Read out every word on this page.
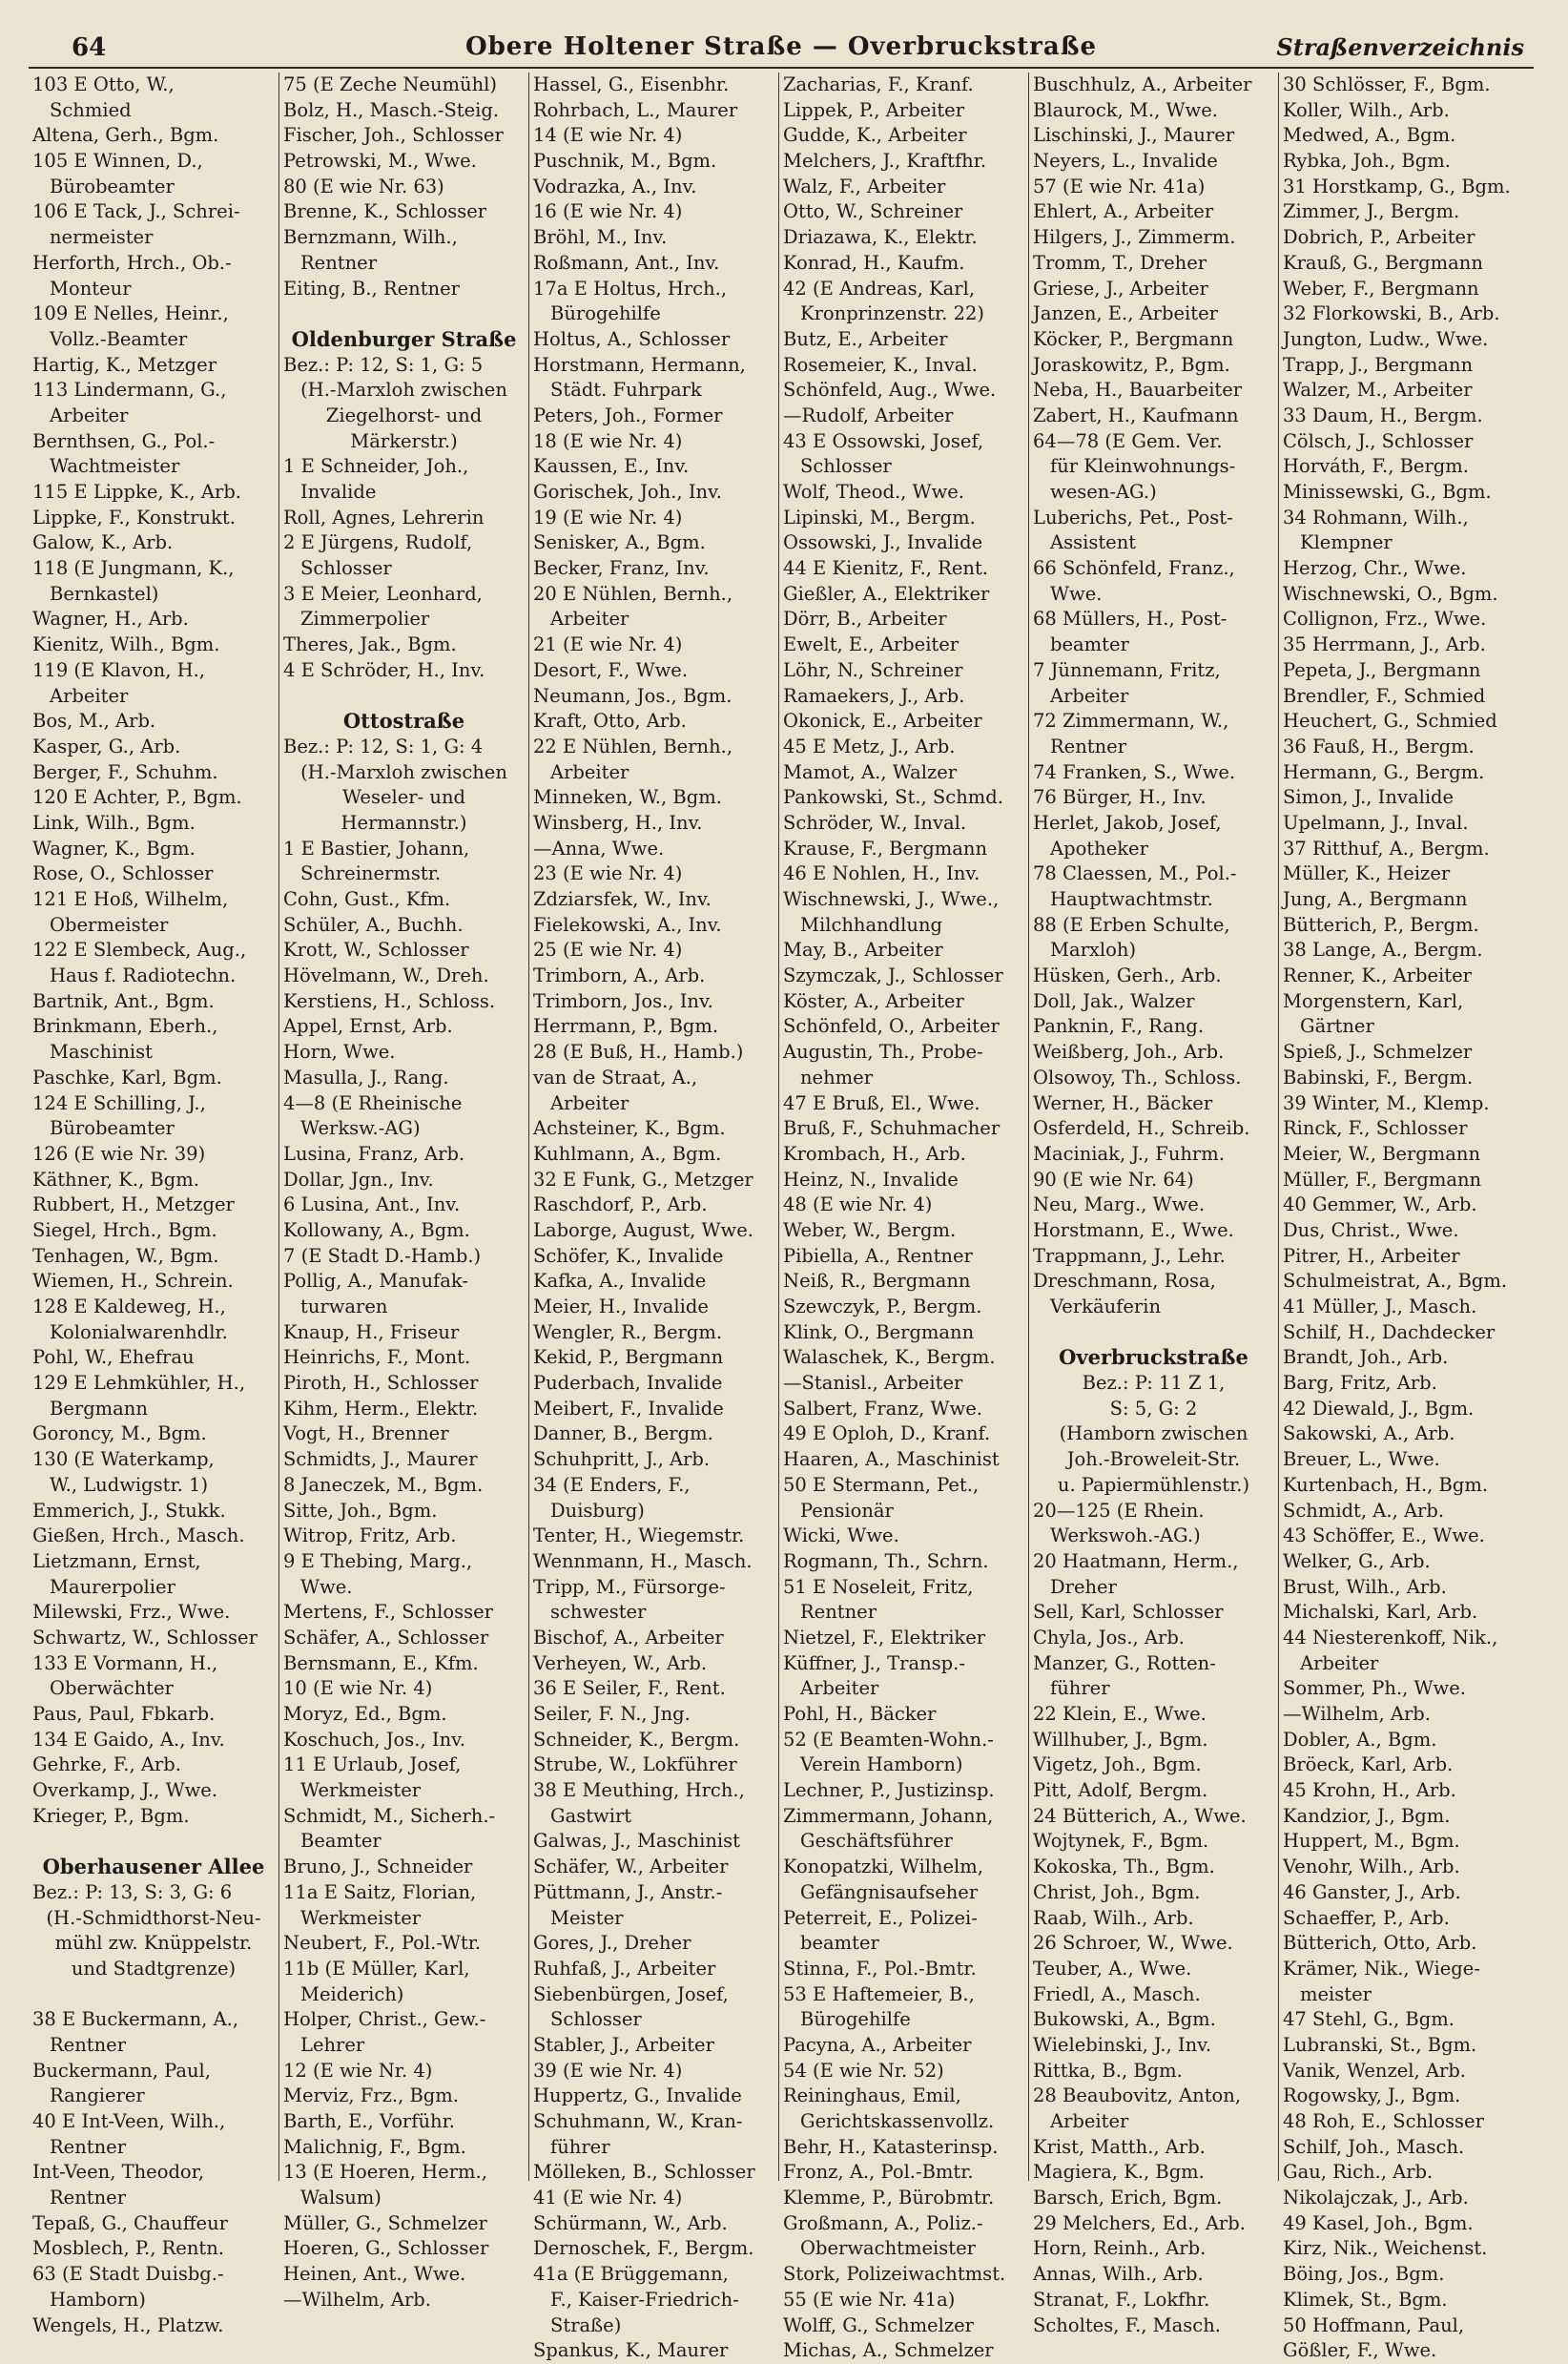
64	Obere Holtener Straße — Overbruckstraße	Straßenverzeichnis
103 E Otto, W.,
Schmied
Altena, Gerh., Bgm.
105 E Winnen, D.,
Bürobeamter
106 E Tack, J., Schrei-
nermeister
Herforth, Hrch., Ob.-
Monteur
109 E Nelles, Heinr.,
Vollz.-Beamter
Hartig, K., Metzger
113 Lindermann, G.,
Arbeiter
Bernthsen, G., Pol.-
Wachtmeister
115 E Lippke, K., Arb.
Lippke, F., Konstrukt.
Galow, K., Arb.
118 (E Jungmann, K.,
Bernkastel)
Wagner, H., Arb.
Kienitz, Wilh., Bgm.
119 (E Klavon, H.,
Arbeiter
Bos, M., Arb.
Kasper, G., Arb.
Berger, F., Schuhm.
120 E Achter, P., Bgm.
Link, Wilh., Bgm.
Wagner, K., Bgm.
Rose, O., Schlosser
121 E Hoß, Wilhelm,
Obermeister
122 E Slembeck, Aug.,
Haus f. Radiotechn.
Bartnik, Ant., Bgm.
Brinkmann, Eberh.,
Maschinist
Paschke, Karl, Bgm.
124 E Schilling, J.,
Bürobeamter
126 (E wie Nr. 39)
Käthner, K., Bgm.
Rubbert, H., Metzger
Siegel, Hrch., Bgm.
Tenhagen, W., Bgm.
Wiemen, H., Schrein.
128 E Kaldeweg, H.,
Kolonialwarenhdlr.
Pohl, W., Ehefrau
129 E Lehmkühler, H.,
Bergmann
Goroncy, M., Bgm.
130 (E Waterkamp,
W., Ludwigstr. 1)
Emmerich, J., Stukk.
Gießen, Hrch., Masch.
Lietzmann, Ernst,
Maurerpolier
Milewski, Frz., Wwe.
Schwartz, W., Schlosser
133 E Vormann, H.,
Oberwächter
Paus, Paul, Fbkarb.
134 E Gaido, A., Inv.
Gehrke, F., Arb.
Overkamp, J., Wwe.
Krieger, P., Bgm.
Oberhausener Allee
Bez.: P: 13, S: 3, G: 6
(H.-Schmidthorst-Neu-
mühl zw. Knüppelstr.
und Stadtgrenze)
38 E Buckermann, A.,
Rentner
Buckermann, Paul,
Rangierer
40 E Int-Veen, Wilh.,
Rentner
Int-Veen, Theodor,
Rentner
Tepaß, G., Chauffeur
Mosblech, P., Rentn.
63 (E Stadt Duisbg.-
Hamborn)
Wengels, H., Platzw.
75 (E Zeche Neumühl)
Bolz, H., Masch.-Steig.
Fischer, Joh., Schlosser
Petrowski, M., Wwe.
80 (E wie Nr. 63)
Brenne, K., Schlosser
Bernzmann, Wilh.,
Rentner
Eiting, B., Rentner
Oldenburger Straße
Bez.: P: 12, S: 1, G: 5
(H.-Marxloh zwischen
Ziegelhorst- und
Märkerstr.)
1 E Schneider, Joh.,
Invalide
Roll, Agnes, Lehrerin
2 E Jürgens, Rudolf,
Schlosser
3 E Meier, Leonhard,
Zimmerpolier
Theres, Jak., Bgm.
4 E Schröder, H., Inv.
Ottostraße
Bez.: P: 12, S: 1, G: 4
(H.-Marxloh zwischen
Weseler- und
Hermannstr.)
1 E Bastier, Johann,
Schreinermstr.
Cohn, Gust., Kfm.
Schüler, A., Buchh.
Krott, W., Schlosser
Hövelmann, W., Dreh.
Kerstiens, H., Schloss.
Appel, Ernst, Arb.
Horn, Wwe.
Masulla, J., Rang.
4—8 (E Rheinische
Werksw.-AG)
Lusina, Franz, Arb.
Dollar, Jgn., Inv.
6 Lusina, Ant., Inv.
Kollowany, A., Bgm.
7 (E Stadt D.-Hamb.)
Pollig, A., Manufak-
turwaren
Knaup, H., Friseur
Heinrichs, F., Mont.
Piroth, H., Schlosser
Kihm, Herm., Elektr.
Vogt, H., Brenner
Schmidts, J., Maurer
8 Janeczek, M., Bgm.
Sitte, Joh., Bgm.
Witrop, Fritz, Arb.
9 E Thebing, Marg.,
Wwe.
Mertens, F., Schlosser
Schäfer, A., Schlosser
Bernsmann, E., Kfm.
10 (E wie Nr. 4)
Moryz, Ed., Bgm.
Koschuch, Jos., Inv.
11 E Urlaub, Josef,
Werkmeister
Schmidt, M., Sicherh.-
Beamter
Bruno, J., Schneider
11a E Saitz, Florian,
Werkmeister
Neubert, F., Pol.-Wtr.
11b (E Müller, Karl,
Meiderich)
Holper, Christ., Gew.-
Lehrer
12 (E wie Nr. 4)
Merviz, Frz., Bgm.
Barth, E., Vorführ.
Malichnig, F., Bgm.
13 (E Hoeren, Herm.,
Walsum)
Müller, G., Schmelzer
Hoeren, G., Schlosser
Heinen, Ant., Wwe.
—Wilhelm, Arb.
Hassel, G., Eisenbhr.
Rohrbach, L., Maurer
14 (E wie Nr. 4)
Puschnik, M., Bgm.
Vodrazka, A., Inv.
16 (E wie Nr. 4)
Bröhl, M., Inv.
Roßmann, Ant., Inv.
17a E Holtus, Hrch.,
Bürogehilfe
Holtus, A., Schlosser
Horstmann, Hermann,
Städt. Fuhrpark
Peters, Joh., Former
18 (E wie Nr. 4)
Kaussen, E., Inv.
Gorischek, Joh., Inv.
19 (E wie Nr. 4)
Senisker, A., Bgm.
Becker, Franz, Inv.
20 E Nühlen, Bernh.,
Arbeiter
21 (E wie Nr. 4)
Desort, F., Wwe.
Neumann, Jos., Bgm.
Kraft, Otto, Arb.
22 E Nühlen, Bernh.,
Arbeiter
Minneken, W., Bgm.
Winsberg, H., Inv.
—Anna, Wwe.
23 (E wie Nr. 4)
Zdziarsfek, W., Inv.
Fielekowski, A., Inv.
25 (E wie Nr. 4)
Trimborn, A., Arb.
Trimborn, Jos., Inv.
Herrmann, P., Bgm.
28 (E Buß, H., Hamb.)
van de Straat, A.,
Arbeiter
Achsteiner, K., Bgm.
Kuhlmann, A., Bgm.
32 E Funk, G., Metzger
Raschdorf, P., Arb.
Laborge, August, Wwe.
Schöfer, K., Invalide
Kafka, A., Invalide
Meier, H., Invalide
Wengler, R., Bergm.
Kekid, P., Bergmann
Puderbach, Invalide
Meibert, F., Invalide
Danner, B., Bergm.
Schuhpritt, J., Arb.
34 (E Enders, F.,
Duisburg)
Tenter, H., Wiegemstr.
Wennmann, H., Masch.
Tripp, M., Fürsorge-
schwester
Bischof, A., Arbeiter
Verheyen, W., Arb.
36 E Seiler, F., Rent.
Seiler, F. N., Jng.
Schneider, K., Bergm.
Strube, W., Lokführer
38 E Meuthing, Hrch.,
Gastwirt
Galwas, J., Maschinist
Schäfer, W., Arbeiter
Püttmann, J., Anstr.-
Meister
Gores, J., Dreher
Ruhfaß, J., Arbeiter
Siebenbürgen, Josef,
Schlosser
Stabler, J., Arbeiter
39 (E wie Nr. 4)
Huppertz, G., Invalide
Schuhmann, W., Kran-
führer
Mölleken, B., Schlosser
41 (E wie Nr. 4)
Schürmann, W., Arb.
Dernoschek, F., Bergm.
41a (E Brüggemann,
F., Kaiser-Friedrich-
Straße)
Spankus, K., Maurer
Zacharias, F., Kranf.
Lippek, P., Arbeiter
Gudde, K., Arbeiter
Melchers, J., Kraftfhr.
Walz, F., Arbeiter
Otto, W., Schreiner
Driazawa, K., Elektr.
Konrad, H., Kaufm.
42 (E Andreas, Karl,
Kronprinzenstr. 22)
Butz, E., Arbeiter
Rosemeier, K., Inval.
Schönfeld, Aug., Wwe.
—Rudolf, Arbeiter
43 E Ossowski, Josef,
Schlosser
Wolf, Theod., Wwe.
Lipinski, M., Bergm.
Ossowski, J., Invalide
44 E Kienitz, F., Rent.
Gießler, A., Elektriker
Dörr, B., Arbeiter
Ewelt, E., Arbeiter
Löhr, N., Schreiner
Ramaekers, J., Arb.
Okonick, E., Arbeiter
45 E Metz, J., Arb.
Mamot, A., Walzer
Pankowski, St., Schmd.
Schröder, W., Inval.
Krause, F., Bergmann
46 E Nohlen, H., Inv.
Wischnewski, J., Wwe.,
Milchhandlung
May, B., Arbeiter
Szymczak, J., Schlosser
Köster, A., Arbeiter
Schönfeld, O., Arbeiter
Augustin, Th., Probe-
nehmer
47 E Bruß, El., Wwe.
Bruß, F., Schuhmacher
Krombach, H., Arb.
Heinz, N., Invalide
48 (E wie Nr. 4)
Weber, W., Bergm.
Pibiella, A., Rentner
Neiß, R., Bergmann
Szewczyk, P., Bergm.
Klink, O., Bergmann
Walaschek, K., Bergm.
—Stanisl., Arbeiter
Salbert, Franz, Wwe.
49 E Oploh, D., Kranf.
Haaren, A., Maschinist
50 E Stermann, Pet.,
Pensionär
Wicki, Wwe.
Rogmann, Th., Schrn.
51 E Noseleit, Fritz,
Rentner
Nietzel, F., Elektriker
Küffner, J., Transp.-
Arbeiter
Pohl, H., Bäcker
52 (E Beamten-Wohn.-
Verein Hamborn)
Lechner, P., Justizinsp.
Zimmermann, Johann,
Geschäftsführer
Konopatzki, Wilhelm,
Gefängnisaufseher
Peterreit, E., Polizei-
beamter
Stinna, F., Pol.-Bmtr.
53 E Haftemeier, B.,
Bürogehilfe
Pacyna, A., Arbeiter
54 (E wie Nr. 52)
Reininghaus, Emil,
Gerichtskassenvollz.
Behr, H., Katasterinsp.
Fronz, A., Pol.-Bmtr.
Klemme, P., Bürobmtr.
Großmann, A., Poliz.-
Oberwachtmeister
Stork, Polizeiwachtmst.
55 (E wie Nr. 41a)
Wolff, G., Schmelzer
Michas, A., Schmelzer
Buschhulz, A., Arbeiter
Blaurock, M., Wwe.
Lischinski, J., Maurer
Neyers, L., Invalide
57 (E wie Nr. 41a)
Ehlert, A., Arbeiter
Hilgers, J., Zimmerm.
Tromm, T., Dreher
Griese, J., Arbeiter
Janzen, E., Arbeiter
Köcker, P., Bergmann
Joraskowitz, P., Bgm.
Neba, H., Bauarbeiter
Zabert, H., Kaufmann
64—78 (E Gem. Ver.
für Kleinwohnungs-
wesen-AG.)
Luberichs, Pet., Post-
Assistent
66 Schönfeld, Franz.,
Wwe.
68 Müllers, H., Post-
beamter
7 Jünnemann, Fritz,
Arbeiter
72 Zimmermann, W.,
Rentner
74 Franken, S., Wwe.
76 Bürger, H., Inv.
Herlet, Jakob, Josef,
Apotheker
78 Claessen, M., Pol.-
Hauptwachtmstr.
88 (E Erben Schulte,
Marxloh)
Hüsken, Gerh., Arb.
Doll, Jak., Walzer
Panknin, F., Rang.
Weißberg, Joh., Arb.
Olsowoy, Th., Schloss.
Werner, H., Bäcker
Osferdeld, H., Schreib.
Maciniak, J., Fuhrm.
90 (E wie Nr. 64)
Neu, Marg., Wwe.
Horstmann, E., Wwe.
Trappmann, J., Lehr.
Dreschmann, Rosa,
Verkäuferin
Overbruckstraße
Bez.: P: 11 Z 1,
S: 5, G: 2
(Hamborn zwischen
Joh.-Broweleit-Str.
u. Papiermühlenstr.)
20—125 (E Rhein.
Werkswoh.-AG.)
20 Haatmann, Herm.,
Dreher
Sell, Karl, Schlosser
Chyla, Jos., Arb.
Manzer, G., Rotten-
führer
22 Klein, E., Wwe.
Willhuber, J., Bgm.
Vigetz, Joh., Bgm.
Pitt, Adolf, Bergm.
24 Bütterich, A., Wwe.
Wojtynek, F., Bgm.
Kokoska, Th., Bgm.
Christ, Joh., Bgm.
Raab, Wilh., Arb.
26 Schroer, W., Wwe.
Teuber, A., Wwe.
Friedl, A., Masch.
Bukowski, A., Bgm.
Wielebinski, J., Inv.
Rittka, B., Bgm.
28 Beaubovitz, Anton,
Arbeiter
Krist, Matth., Arb.
Magiera, K., Bgm.
Barsch, Erich, Bgm.
29 Melchers, Ed., Arb.
Horn, Reinh., Arb.
Annas, Wilh., Arb.
Stranat, F., Lokfhr.
Scholtes, F., Masch.
30 Schlösser, F., Bgm.
Koller, Wilh., Arb.
Medwed, A., Bgm.
Rybka, Joh., Bgm.
31 Horstkamp, G., Bgm.
Zimmer, J., Bergm.
Dobrich, P., Arbeiter
Krauß, G., Bergmann
Weber, F., Bergmann
32 Florkowski, B., Arb.
Jungton, Ludw., Wwe.
Trapp, J., Bergmann
Walzer, M., Arbeiter
33 Daum, H., Bergm.
Cölsch, J., Schlosser
Horváth, F., Bergm.
Minissewski, G., Bgm.
34 Rohmann, Wilh.,
Klempner
Herzog, Chr., Wwe.
Wischnewski, O., Bgm.
Collignon, Frz., Wwe.
35 Herrmann, J., Arb.
Pepeta, J., Bergmann
Brendler, F., Schmied
Heuchert, G., Schmied
36 Fauß, H., Bergm.
Hermann, G., Bergm.
Simon, J., Invalide
Upelmann, J., Inval.
37 Ritthuf, A., Bergm.
Müller, K., Heizer
Jung, A., Bergmann
Bütterich, P., Bergm.
38 Lange, A., Bergm.
Renner, K., Arbeiter
Morgenstern, Karl,
Gärtner
Spieß, J., Schmelzer
Babinski, F., Bergm.
39 Winter, M., Klemp.
Rinck, F., Schlosser
Meier, W., Bergmann
Müller, F., Bergmann
40 Gemmer, W., Arb.
Dus, Christ., Wwe.
Pitrer, H., Arbeiter
Schulmeistrat, A., Bgm.
41 Müller, J., Masch.
Schilf, H., Dachdecker
Brandt, Joh., Arb.
Barg, Fritz, Arb.
42 Diewald, J., Bgm.
Sakowski, A., Arb.
Breuer, L., Wwe.
Kurtenbach, H., Bgm.
Schmidt, A., Arb.
43 Schöffer, E., Wwe.
Welker, G., Arb.
Brust, Wilh., Arb.
Michalski, Karl, Arb.
44 Niesterenkoff, Nik.,
Arbeiter
Sommer, Ph., Wwe.
—Wilhelm, Arb.
Dobler, A., Bgm.
Bröeck, Karl, Arb.
45 Krohn, H., Arb.
Kandzior, J., Bgm.
Huppert, M., Bgm.
Venohr, Wilh., Arb.
46 Ganster, J., Arb.
Schaeffer, P., Arb.
Bütterich, Otto, Arb.
Krämer, Nik., Wiege-
meister
47 Stehl, G., Bgm.
Lubranski, St., Bgm.
Vanik, Wenzel, Arb.
Rogowsky, J., Bgm.
48 Roh, E., Schlosser
Schilf, Joh., Masch.
Gau, Rich., Arb.
Nikolajczak, J., Arb.
49 Kasel, Joh., Bgm.
Kirz, Nik., Weichenst.
Böing, Jos., Bgm.
Klimek, St., Bgm.
50 Hoffmann, Paul,
Gößler, F., Wwe.
